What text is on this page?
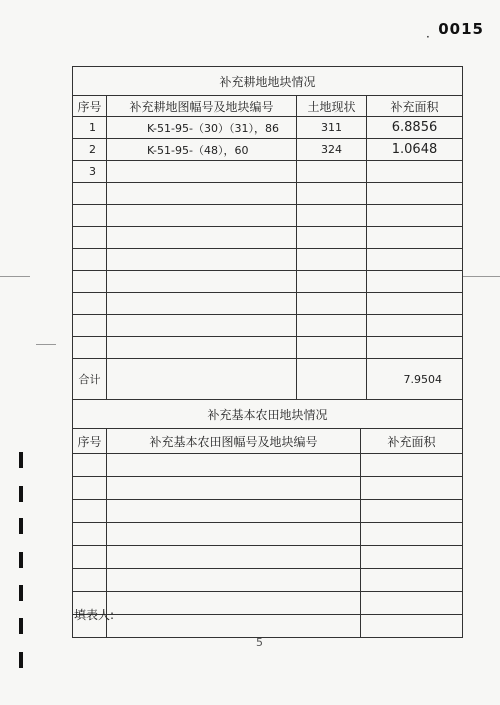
· 0015
补充耕地地块情况			
序号	补充耕地图幅号及地块编号	土地现状	补充面积
1	K-51-95-（30）（31），86	311	6.8856
2	K-51-95-（48），60	324	1.0648
3			

合计			7.9504
补充基本农田地块情况		
序号	补充基本农田图幅号及地块编号	补充面积

填表人:
5
